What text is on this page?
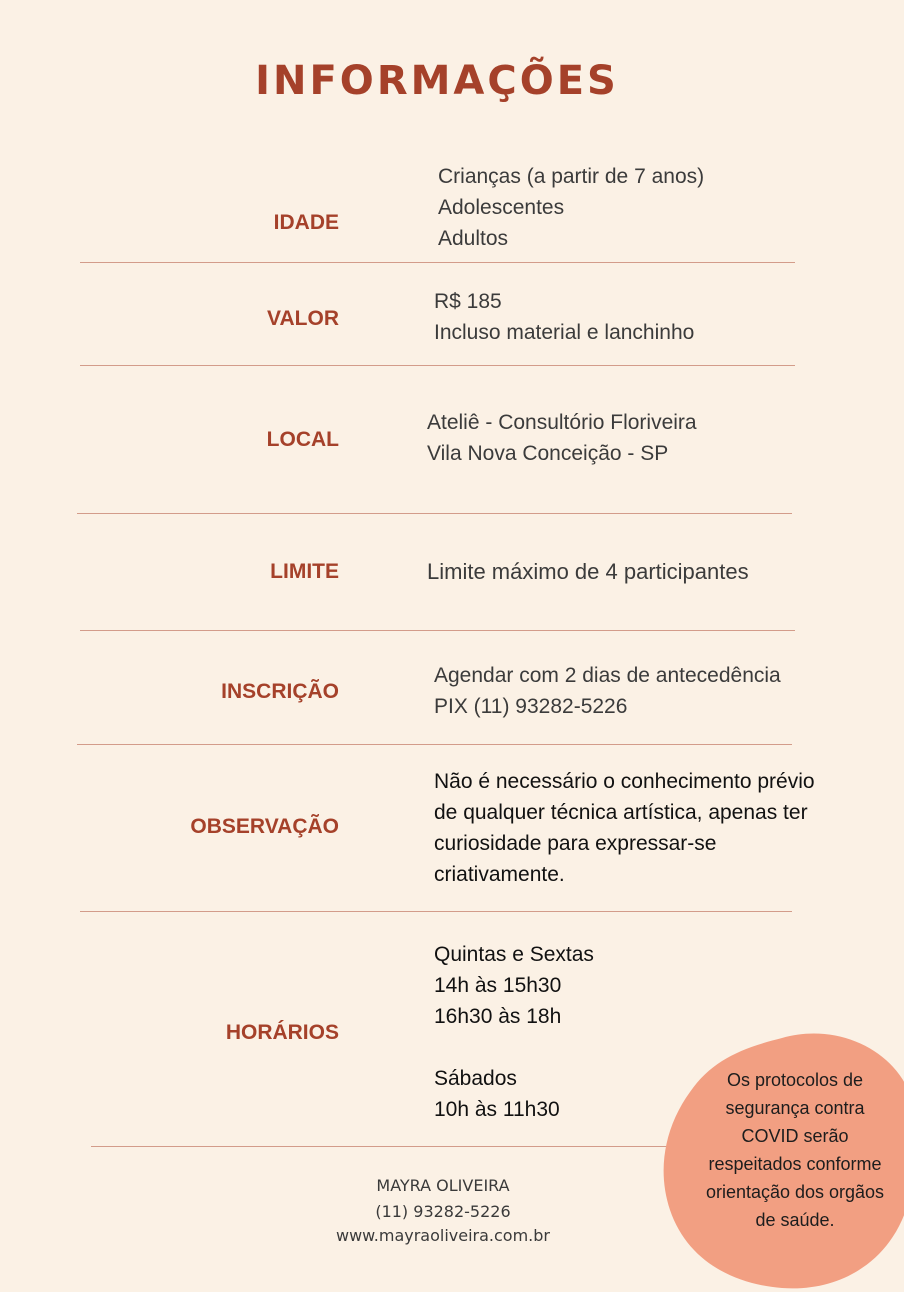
INFORMAÇÕES
IDADE
Crianças (a partir de 7 anos)
Adolescentes
Adultos
VALOR
R$ 185
Incluso material e lanchinho
LOCAL
Ateliê - Consultório Floriveira
Vila Nova Conceição - SP
LIMITE	Limite máximo de 4 participantes
INSCRIÇÃO
Agendar com 2 dias de antecedência
PIX (11) 93282-5226
OBSERVAÇÃO
Não é necessário o conhecimento prévio
de qualquer técnica artística, apenas ter
curiosidade para expressar-se
criativamente.
HORÁRIOS
Quintas e Sextas
14h às 15h30
16h30 às 18h
Sábados
10h às 11h30
Os protocolos de
segurança contra
COVID serão
respeitados conforme
orientação dos orgãos
de saúde.
MAYRA OLIVEIRA
(11) 93282-5226
www.mayraoliveira.com.br
